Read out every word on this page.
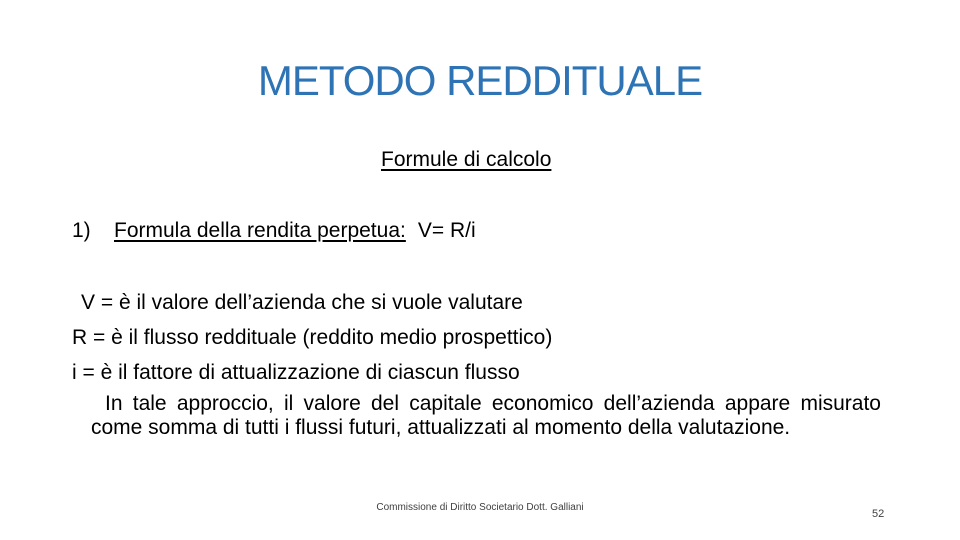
METODO REDDITUALE
Formule di calcolo
1) Formula della rendita perpetua: V= R/i
V = è il valore dell’azienda che si vuole valutare
R = è il flusso reddituale (reddito medio prospettico)
i = è il fattore di attualizzazione di ciascun flusso
In tale approccio, il valore del capitale economico dell’azienda appare misurato come somma di tutti i flussi futuri, attualizzati al momento della valutazione.
Commissione di Diritto Societario Dott. Galliani
52
